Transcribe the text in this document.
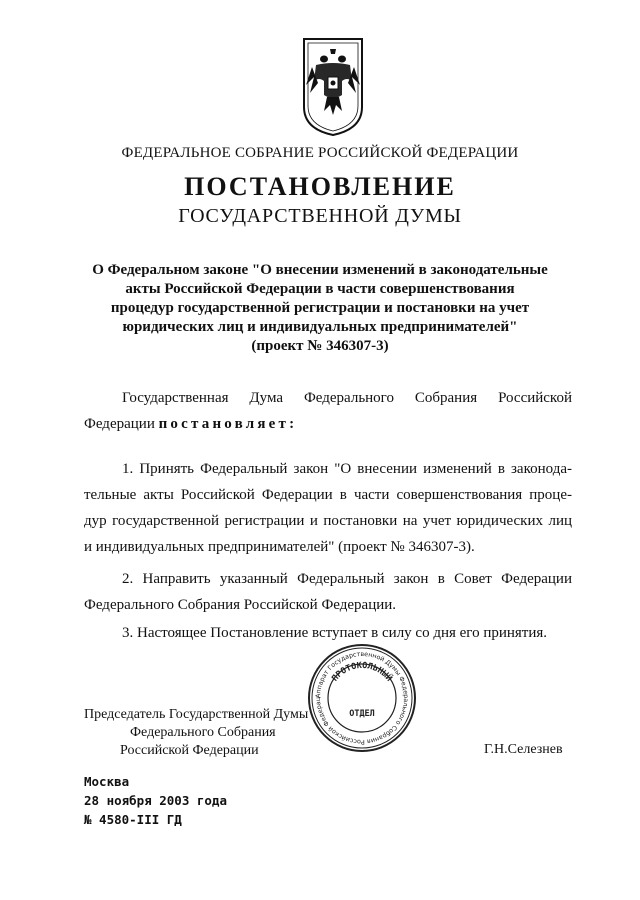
ФЕДЕРАЛЬНОЕ СОБРАНИЕ РОССИЙСКОЙ ФЕДЕРАЦИИ
ПОСТАНОВЛЕНИЕ
ГОСУДАРСТВЕННОЙ ДУМЫ
О Федеральном законе "О внесении изменений в законодательные
акты Российской Федерации в части совершенствования
процедур государственной регистрации и постановки на учет
юридических лиц и индивидуальных предпринимателей"
(проект № 346307-3)
Государственная Дума Федерального Собрания Российской
Федерации постановляет:
1. Принять Федеральный закон "О внесении изменений в законода-
тельные акты Российской Федерации в части совершенствования проце-
дур государственной регистрации и постановки на учет юридических лиц
и индивидуальных предпринимателей" (проект № 346307-3).
2. Направить указанный Федеральный закон в Совет Федерации
Федерального Собрания Российской Федерации.
3. Настоящее Постановление вступает в силу со дня его принятия.
Председатель Государственной Думы
Федерального Собрания
Российской Федерации	Г.Н.Селезнев
Аппарат Государственной Думы Федерального Собрания Российской Федерац
ПРОТОКОЛЬНЫЙ
ОТДЕЛ
Москва
28 ноября 2003 года
№ 4580-III ГД
